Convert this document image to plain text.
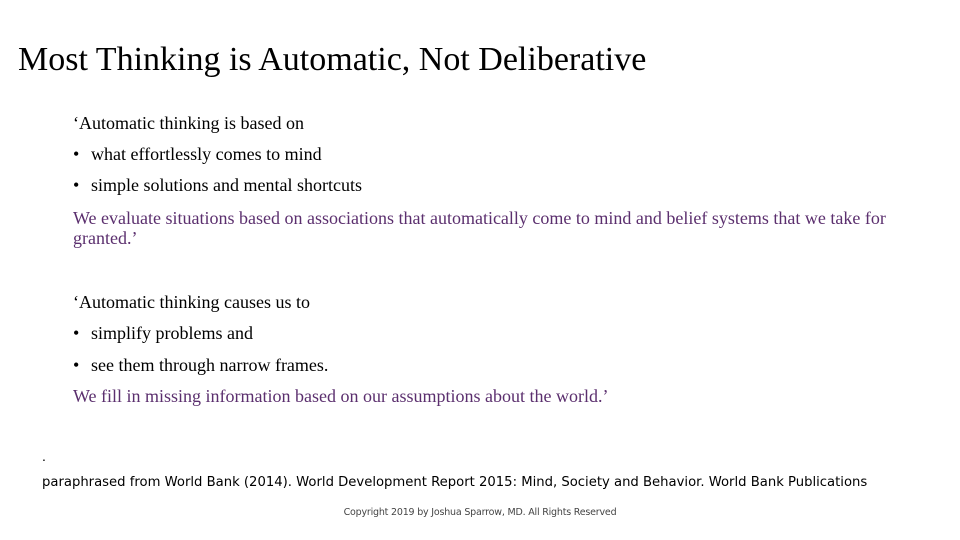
Most Thinking is Automatic, Not Deliberative
‘Automatic thinking is based on
• what effortlessly comes to mind
• simple solutions and mental shortcuts
We evaluate situations based on associations that automatically come to mind and belief systems that we take for granted.’
‘Automatic thinking causes us to
• simplify problems and
• see them through narrow frames.
We fill in missing information based on our assumptions about the world.’
.
paraphrased from World Bank (2014). World Development Report 2015: Mind, Society and Behavior. World Bank Publications
Copyright 2019 by Joshua Sparrow, MD. All Rights Reserved
